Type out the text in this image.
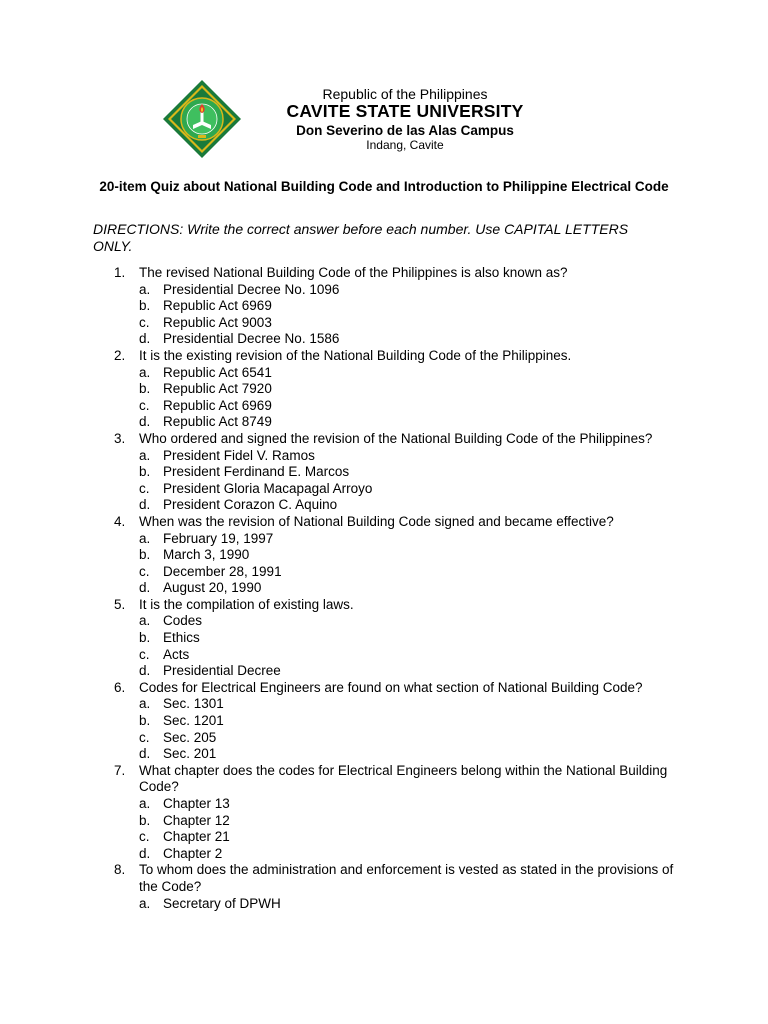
Republic of the Philippines
CAVITE STATE UNIVERSITY
Don Severino de las Alas Campus
Indang, Cavite
20-item Quiz about National Building Code and Introduction to Philippine Electrical Code
DIRECTIONS: Write the correct answer before each number. Use CAPITAL LETTERS ONLY.
1. The revised National Building Code of the Philippines is also known as?
a. Presidential Decree No. 1096
b. Republic Act 6969
c. Republic Act 9003
d. Presidential Decree No. 1586
2. It is the existing revision of the National Building Code of the Philippines.
a. Republic Act 6541
b. Republic Act 7920
c. Republic Act 6969
d. Republic Act 8749
3. Who ordered and signed the revision of the National Building Code of the Philippines?
a. President Fidel V. Ramos
b. President Ferdinand E. Marcos
c. President Gloria Macapagal Arroyo
d. President Corazon C. Aquino
4. When was the revision of National Building Code signed and became effective?
a. February 19, 1997
b. March 3, 1990
c. December 28, 1991
d. August 20, 1990
5. It is the compilation of existing laws.
a. Codes
b. Ethics
c. Acts
d. Presidential Decree
6. Codes for Electrical Engineers are found on what section of National Building Code?
a. Sec. 1301
b. Sec. 1201
c. Sec. 205
d. Sec. 201
7. What chapter does the codes for Electrical Engineers belong within the National Building Code?
a. Chapter 13
b. Chapter 12
c. Chapter 21
d. Chapter 2
8. To whom does the administration and enforcement is vested as stated in the provisions of the Code?
a. Secretary of DPWH
